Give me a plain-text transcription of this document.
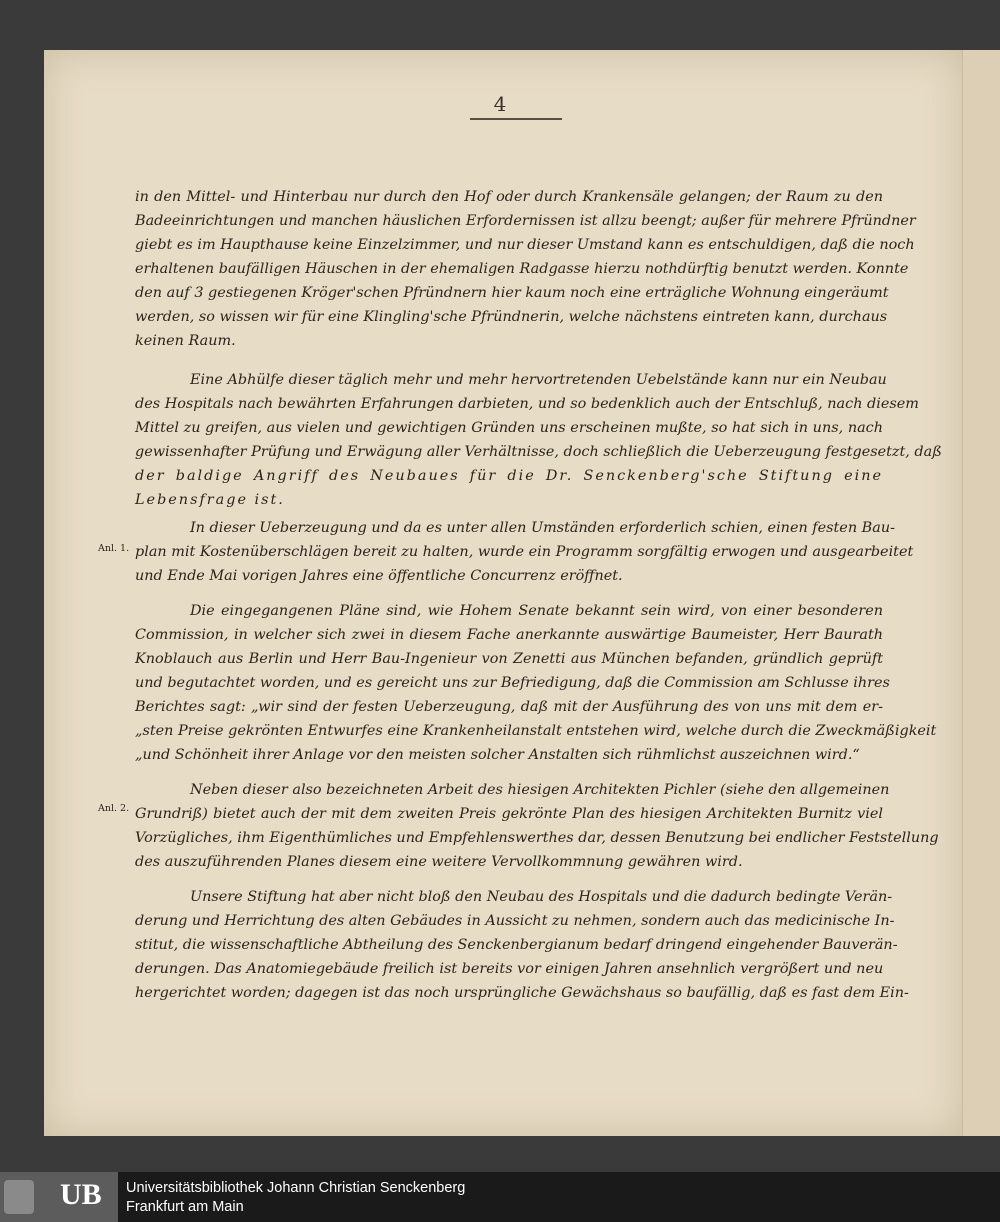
4
Anl. 1.
Anl. 2.
in den Mittel- und Hinterbau nur durch den Hof oder durch Krankensäle gelangen; der Raum zu den
Badeeinrichtungen und manchen häuslichen Erfordernissen ist allzu beengt; außer für mehrere Pfründner
giebt es im Haupthause keine Einzelzimmer, und nur dieser Umstand kann es entschuldigen, daß die noch
erhaltenen baufälligen Häuschen in der ehemaligen Radgasse hierzu nothdürftig benutzt werden. Konnte
den auf 3 gestiegenen Kröger'schen Pfründnern hier kaum noch eine erträgliche Wohnung eingeräumt
werden, so wissen wir für eine Klingling'sche Pfründnerin, welche nächstens eintreten kann, durchaus
keinen Raum.
Eine Abhülfe dieser täglich mehr und mehr hervortretenden Uebelstände kann nur ein Neubau
des Hospitals nach bewährten Erfahrungen darbieten, und so bedenklich auch der Entschluß, nach diesem
Mittel zu greifen, aus vielen und gewichtigen Gründen uns erscheinen mußte, so hat sich in uns, nach
gewissenhafter Prüfung und Erwägung aller Verhältnisse, doch schließlich die Ueberzeugung festgesetzt, daß
der baldige Angriff des Neubaues für die Dr. Senckenberg'sche Stiftung eine
Lebensfrage ist.
In dieser Ueberzeugung und da es unter allen Umständen erforderlich schien, einen festen Bau-
plan mit Kostenüberschlägen bereit zu halten, wurde ein Programm sorgfältig erwogen und ausgearbeitet
und Ende Mai vorigen Jahres eine öffentliche Concurrenz eröffnet.
Die eingegangenen Pläne sind, wie Hohem Senate bekannt sein wird, von einer besonderen
Commission, in welcher sich zwei in diesem Fache anerkannte auswärtige Baumeister, Herr Baurath
Knoblauch aus Berlin und Herr Bau-Ingenieur von Zenetti aus München befanden, gründlich geprüft
und begutachtet worden, und es gereicht uns zur Befriedigung, daß die Commission am Schlusse ihres
Berichtes sagt: „wir sind der festen Ueberzeugung, daß mit der Ausführung des von uns mit dem er-
„sten Preise gekrönten Entwurfes eine Krankenheilanstalt entstehen wird, welche durch die Zweckmäßigkeit
„und Schönheit ihrer Anlage vor den meisten solcher Anstalten sich rühmlichst auszeichnen wird.“
Neben dieser also bezeichneten Arbeit des hiesigen Architekten Pichler (siehe den allgemeinen
Grundriß) bietet auch der mit dem zweiten Preis gekrönte Plan des hiesigen Architekten Burnitz viel
Vorzügliches, ihm Eigenthümliches und Empfehlenswerthes dar, dessen Benutzung bei endlicher Feststellung
des auszuführenden Planes diesem eine weitere Vervollkommnung gewähren wird.
Unsere Stiftung hat aber nicht bloß den Neubau des Hospitals und die dadurch bedingte Verän-
derung und Herrichtung des alten Gebäudes in Aussicht zu nehmen, sondern auch das medicinische In-
stitut, die wissenschaftliche Abtheilung des Senckenbergianum bedarf dringend eingehender Bauverän-
derungen. Das Anatomiegebäude freilich ist bereits vor einigen Jahren ansehnlich vergrößert und neu
hergerichtet worden; dagegen ist das noch ursprüngliche Gewächshaus so baufällig, daß es fast dem Ein-
UB Universitätsbibliothek Johann Christian Senckenberg
Frankfurt am Main
